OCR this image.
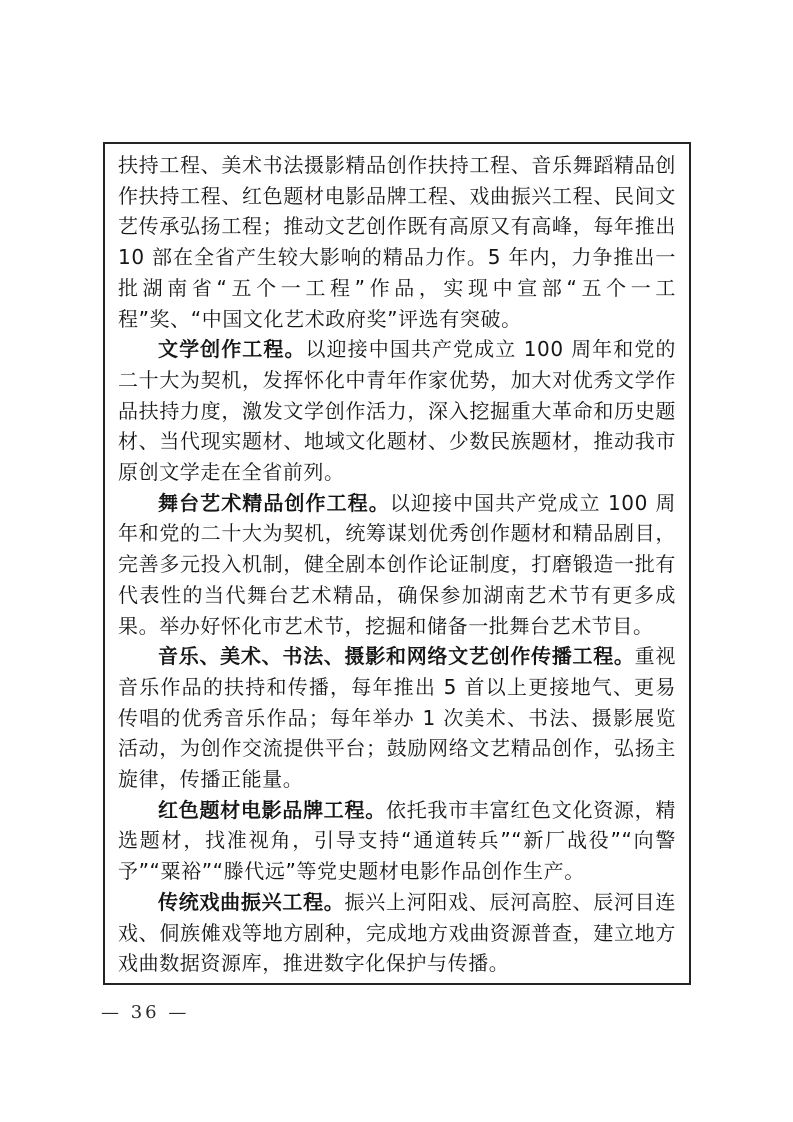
扶持工程、美术书法摄影精品创作扶持工程、音乐舞蹈精品创作扶持工程、红色题材电影品牌工程、戏曲振兴工程、民间文艺传承弘扬工程；推动文艺创作既有高原又有高峰，每年推出 10 部在全省产生较大影响的精品力作。5 年内，力争推出一批湖南省“五个一工程”作品，实现中宣部“五个一工程”奖、“中国文化艺术政府奖”评选有突破。

文学创作工程。以迎接中国共产党成立 100 周年和党的二十大为契机，发挥怀化中青年作家优势，加大对优秀文学作品扶持力度，激发文学创作活力，深入挖掘重大革命和历史题材、当代现实题材、地域文化题材、少数民族题材，推动我市原创文学走在全省前列。

舞台艺术精品创作工程。以迎接中国共产党成立 100 周年和党的二十大为契机，统筹谋划优秀创作题材和精品剧目，完善多元投入机制，健全剧本创作论证制度，打磨锻造一批有代表性的当代舞台艺术精品，确保参加湖南艺术节有更多成果。举办好怀化市艺术节，挖掘和储备一批舞台艺术节目。

音乐、美术、书法、摄影和网络文艺创作传播工程。重视音乐作品的扶持和传播，每年推出 5 首以上更接地气、更易传唱的优秀音乐作品；每年举办 1 次美术、书法、摄影展览活动，为创作交流提供平台；鼓励网络文艺精品创作，弘扬主旋律，传播正能量。

红色题材电影品牌工程。依托我市丰富红色文化资源，精选题材，找准视角，引导支持“通道转兵”“新厂战役”“向警予”“粟裕”“滕代远”等党史题材电影作品创作生产。

传统戏曲振兴工程。振兴上河阳戏、辰河高腔、辰河目连戏、侗族傩戏等地方剧种，完成地方戏曲资源普查，建立地方戏曲数据资源库，推进数字化保护与传播。

— 36 —
